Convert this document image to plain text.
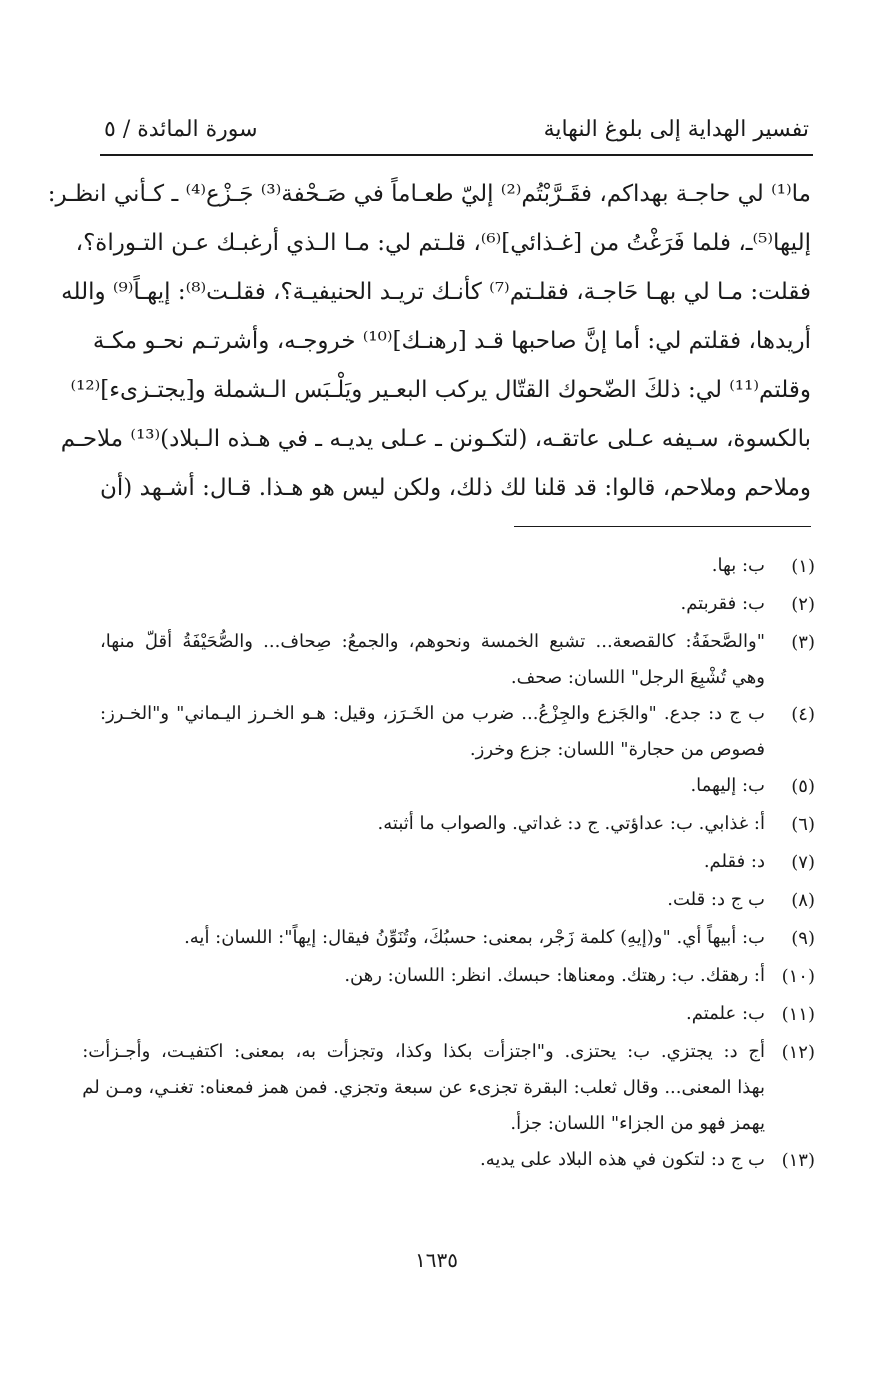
تفسير الهداية إلى بلوغ النهاية
سورة المائدة / ٥
ما⁽¹⁾ لي حاجـة بهداكم، فقَـرَّبْتُم⁽²⁾ إليّ طعـاماً في صَـحْفة⁽³⁾ جَـزْع⁽⁴⁾ ـ كـأني انظـر:
إليها⁽⁵⁾ـ، فلما فَرَغْتُ من [غـذائي]⁽⁶⁾، قلـتم لي: مـا الـذي أرغبـك عـن التـوراة؟،
فقلت: مـا لي بهـا حَاجـة، فقلـتم⁽⁷⁾ كأنـك تريـد الحنيفيـة؟، فقلـت⁽⁸⁾: إيهـاً⁽⁹⁾ والله
أريدها، فقلتم لي: أما إنَّ صاحبها قـد [رهنـك]⁽¹⁰⁾ خروجـه، وأشرتـم نحـو مكـة
وقلتم⁽¹¹⁾ لي: ذلكَ الضّحوك القتّال يركب البعـير ويَلْـبَس الـشملة و[يجتـزىء]⁽¹²⁾
بالكسوة، سـيفه عـلى عاتقـه، (لتكـونن ـ عـلى يديـه ـ في هـذه الـبلاد)⁽¹³⁾ ملاحـم
وملاحم وملاحم، قالوا: قد قلنا لك ذلك، ولكن ليس هو هـذا. قـال: أشـهد (أن
(١)
ب: بها.
(٢)
ب: فقربتم.
(٣)
"والصَّحفَةُ: كالقصعة... تشبع الخمسة ونحوهم، والجمعُ: صِحاف... والصُّحَيْفَةُ أقلّ منها،
وهي تُشْبِعَ الرجل" اللسان: صحف.
(٤)
ب ج د: جدع. "والجَزع والجِزْعُ... ضرب من الخَـرَز، وقيل: هـو الخـرز اليـماني" و"الخـرز:
فصوص من حجارة" اللسان: جزع وخرز.
(٥)
ب: إليهما.
(٦)
أ: غذابي. ب: عداؤتي. ج د: غداتي. والصواب ما أثبته.
(٧)
د: فقلم.
(٨)
ب ج د: قلت.
(٩)
ب: أبيهاً أي. "و(إيهِ) كلمة زَجْر، بمعنى: حسبُكَ، وتُنَوِّنُ فيقال: إيهاً": اللسان: أيه.
(١٠)
أ: رهقك. ب: رهتك. ومعناها: حبسك. انظر: اللسان: رهن.
(١١)
ب: علمتم.
(١٢)
أج د: يجتزي. ب: يحتزى. و"اجتزأت بكذا وكذا، وتجزأت به، بمعنى: اكتفيـت، وأجـزأت:
بهذا المعنى... وقال ثعلب: البقرة تجزىء عن سبعة وتجزي. فمن همز فمعناه: تغنـي، ومـن لم
يهمز فهو من الجزاء" اللسان: جزأ.
(١٣)
ب ج د: لتكون في هذه البلاد على يديه.
١٦٣٥
